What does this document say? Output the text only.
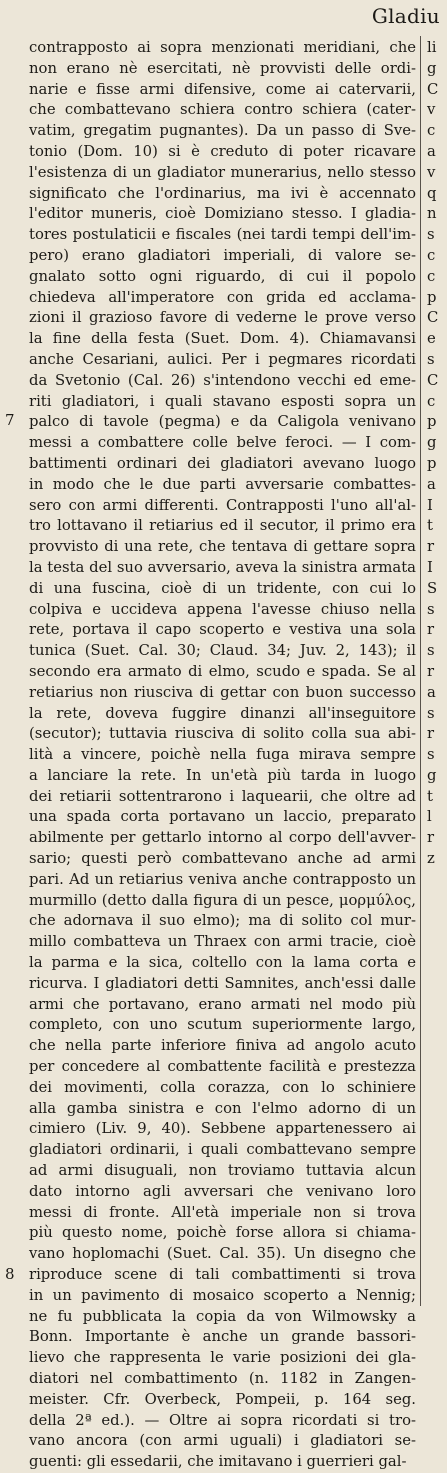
Gladiu
contrapposto ai sopra menzionati meridiani, che
non erano nè esercitati, nè provvisti delle ordi-
narie e fisse armi difensive, come ai catervarii,
che combattevano schiera contro schiera (cater-
vatim, gregatim pugnantes). Da un passo di Sve-
tonio (Dom. 10) si è creduto di poter ricavare
l'esistenza di un gladiator munerarius, nello stesso
significato che l'ordinarius, ma ivi è accennato
l'editor muneris, cioè Domiziano stesso. I gladia-
tores postulaticii e fiscales (nei tardi tempi dell'im-
pero) erano gladiatori imperiali, di valore se-
gnalato sotto ogni riguardo, di cui il popolo
chiedeva all'imperatore con grida ed acclama-
zioni il grazioso favore di vederne le prove verso
la fine della festa (Suet. Dom. 4). Chiamavansi
anche Cesariani, aulici. Per i pegmares ricordati
da Svetonio (Cal. 26) s'intendono vecchi ed eme-
riti gladiatori, i quali stavano esposti sopra un
palco di tavole (pegma) e da Caligola venivano
messi a combattere colle belve feroci. — I com-
battimenti ordinari dei gladiatori avevano luogo
in modo che le due parti avversarie combattes-
sero con armi differenti. Contrapposti l'uno all'al-
tro lottavano il retiarius ed il secutor, il primo era
provvisto di una rete, che tentava di gettare sopra
la testa del suo avversario, aveva la sinistra armata
di una fuscina, cioè di un tridente, con cui lo
colpiva e uccideva appena l'avesse chiuso nella
rete, portava il capo scoperto e vestiva una sola
tunica (Suet. Cal. 30; Claud. 34; Juv. 2, 143); il
secondo era armato di elmo, scudo e spada. Se al
retiarius non riusciva di gettar con buon successo
la rete, doveva fuggire dinanzi all'inseguitore
(secutor); tuttavia riusciva di solito colla sua abi-
lità a vincere, poichè nella fuga mirava sempre
a lanciare la rete. In un'età più tarda in luogo
dei retiarii sottentrarono i laquearii, che oltre ad
una spada corta portavano un laccio, preparato
abilmente per gettarlo intorno al corpo dell'avver-
sario; questi però combattevano anche ad armi
pari. Ad un retiarius veniva anche contrapposto un
murmillo (detto dalla figura di un pesce, μορμύλος,
che adornava il suo elmo); ma di solito col mur-
millo combatteva un Thraex con armi tracie, cioè
la parma e la sica, coltello con la lama corta e
ricurva. I gladiatori detti Samnites, anch'essi dalle
armi che portavano, erano armati nel modo più
completo, con uno scutum superiormente largo,
che nella parte inferiore finiva ad angolo acuto
per concedere al combattente facilità e prestezza
dei movimenti, colla corazza, con lo schiniere
alla gamba sinistra e con l'elmo adorno di un
cimiero (Liv. 9, 40). Sebbene appartenessero ai
gladiatori ordinarii, i quali combattevano sempre
ad armi disuguali, non troviamo tuttavia alcun
dato intorno agli avversari che venivano loro
messi di fronte. All'età imperiale non si trova
più questo nome, poichè forse allora si chiama-
vano hoplomachi (Suet. Cal. 35). Un disegno che
riproduce scene di tali combattimenti si trova
in un pavimento di mosaico scoperto a Nennig;
ne fu pubblicata la copia da von Wilmowsky a
Bonn. Importante è anche un grande bassori-
lievo che rappresenta le varie posizioni dei gla-
diatori nel combattimento (n. 1182 in Zangen-
meister. Cfr. Overbeck, Pompeii, p. 164 seg.
della 2ª ed.). — Oltre ai sopra ricordati si tro-
vano ancora (con armi uguali) i gladiatori se-
guenti: gli essedarii, che imitavano i guerrieri gal-
7
8
li
g
C
v
c
a
v
q
n
s
c
c
p
C
e
s
C
c
p
g
p
a
I
t
r
I
S
s
r
s
r
a
s
r
s
g
t
l
r
z
